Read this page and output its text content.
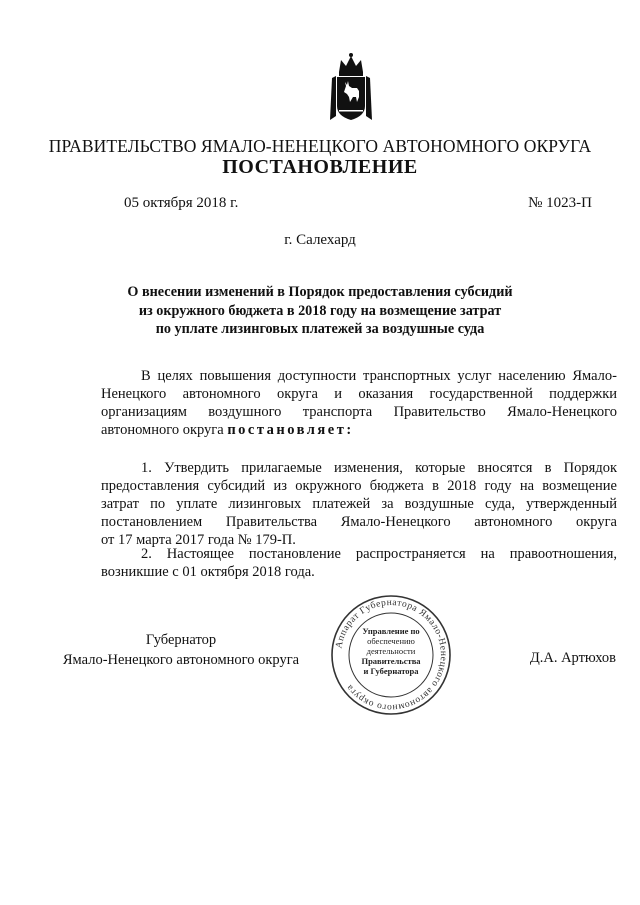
ПРАВИТЕЛЬСТВО ЯМАЛО-НЕНЕЦКОГО АВТОНОМНОГО ОКРУГА
ПОСТАНОВЛЕНИЕ
05 октября 2018 г.	№ 1023-П
г. Салехард
О внесении изменений в Порядок предоставления субсидий
из окружного бюджета в 2018 году на возмещение затрат
по уплате лизинговых платежей за воздушные суда
В целях повышения доступности транспортных услуг населению Ямало-
Ненецкого автономного округа и оказания государственной поддержки
организациям воздушного транспорта Правительство Ямало-Ненецкого
автономного округа постановляет:
1. Утвердить прилагаемые изменения, которые вносятся в Порядок
предоставления субсидий из окружного бюджета в 2018 году на возмещение
затрат по уплате лизинговых платежей за воздушные суда, утвержденный
постановлением Правительства Ямало-Ненецкого автономного округа
от 17 марта 2017 года № 179-П.
2. Настоящее постановление распространяется на правоотношения,
возникшие с 01 октября 2018 года.
Губернатор
Ямало-Ненецкого автономного округа	Д.А. Артюхов
Аппарат Губернатора Ямало-Ненецкого автономного округа
Управление по
обеспечению
деятельности
Правительства
и Губернатора
